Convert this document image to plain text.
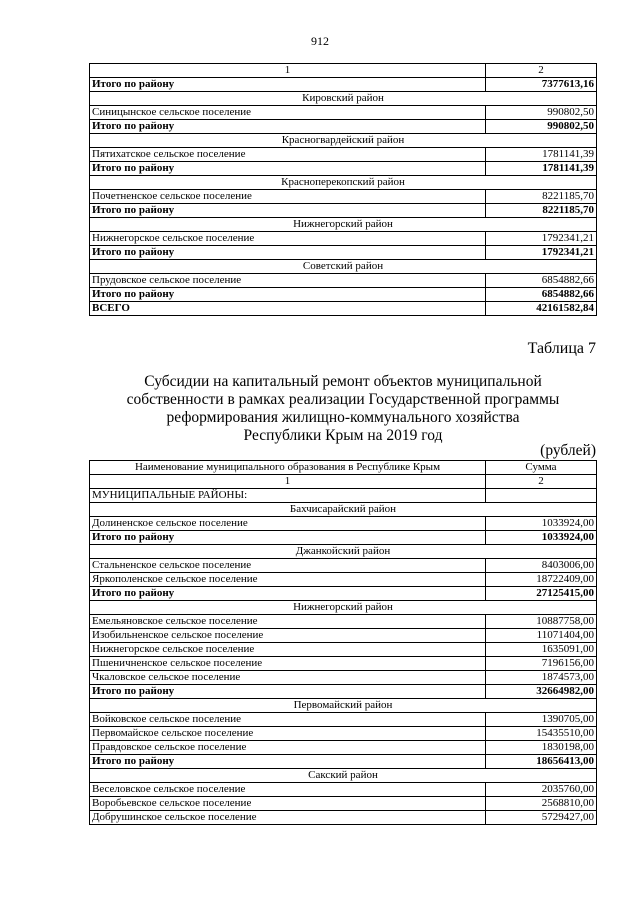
912
1	2
Итого по району	7377613,16
Кировский район	
Синицынское сельское поселение	990802,50
Итого по району	990802,50
Красногвардейский район	
Пятихатское сельское поселение	1781141,39
Итого по району	1781141,39
Красноперекопский район	
Почетненское сельское поселение	8221185,70
Итого по району	8221185,70
Нижнегорский район	
Нижнегорское сельское поселение	1792341,21
Итого по району	1792341,21
Советский район	
Прудовское сельское поселение	6854882,66
Итого по району	6854882,66
ВСЕГО	42161582,84
Таблица 7
Субсидии на капитальный ремонт объектов муниципальной
собственности в рамках реализации Государственной программы
реформирования жилищно-коммунального хозяйства
Республики Крым на 2019 год
(рублей)
Наименование муниципального образования в Республике Крым	Сумма
1	2
МУНИЦИПАЛЬНЫЕ РАЙОНЫ:	
Бахчисарайский район	
Долиненское сельское поселение	1033924,00
Итого по району	1033924,00
Джанкойский район	
Стальненское сельское поселение	8403006,00
Яркополенское сельское поселение	18722409,00
Итого по району	27125415,00
Нижнегорский район	
Емельяновское сельское поселение	10887758,00
Изобильненское сельское поселение	11071404,00
Нижнегорское сельское поселение	1635091,00
Пшеничненское сельское поселение	7196156,00
Чкаловское сельское поселение	1874573,00
Итого по району	32664982,00
Первомайский район	
Войковское сельское поселение	1390705,00
Первомайское сельское поселение	15435510,00
Правдовское сельское поселение	1830198,00
Итого по району	18656413,00
Сакский район	
Веселовское сельское поселение	2035760,00
Воробьевское сельское поселение	2568810,00
Добрушинское сельское поселение	5729427,00
